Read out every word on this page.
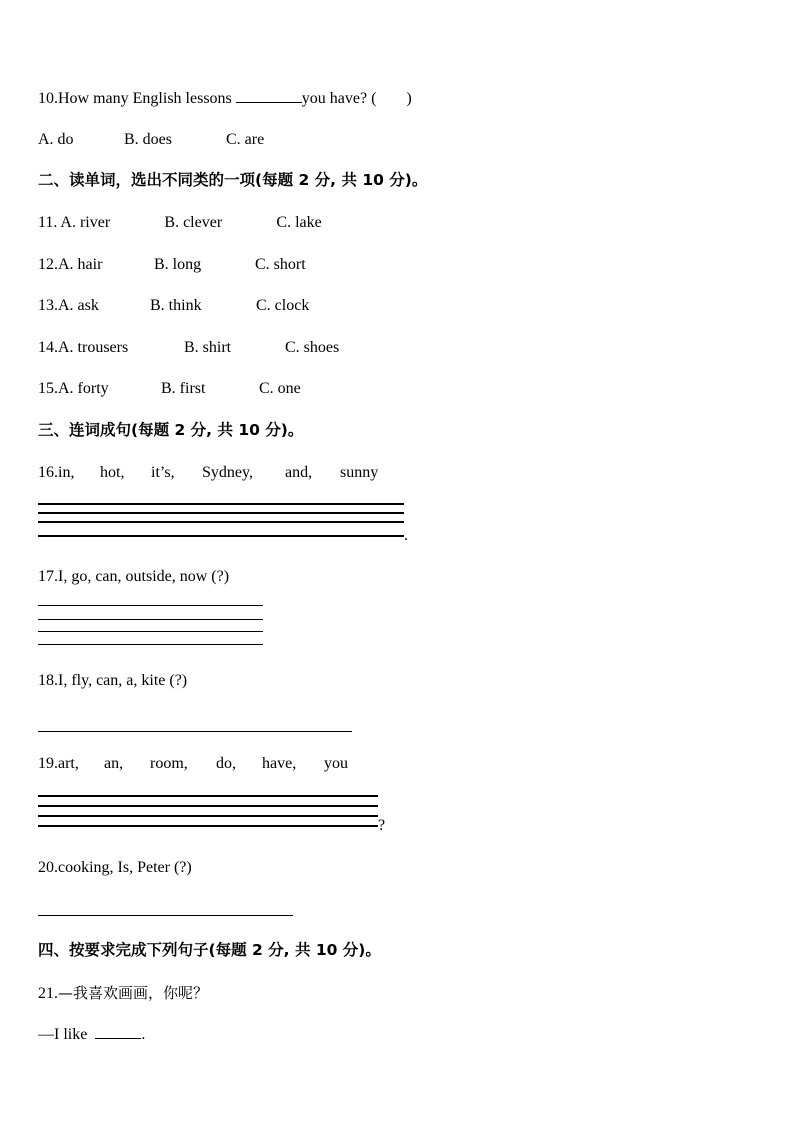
10.How many English lessons	you have? ( )
A. do	B. does	C. are
二、读单词，选出不同类的一项(每题 2 分, 共 10 分)。
11. A. river	B. clever	C. lake
12.A. hair	B. long	C. short
13.A. ask	B. think	C. clock
14.A. trousers	B. shirt	C. shoes
15.A. forty	B. first	C. one
三、连词成句(每题 2 分, 共 10 分)。
16.in, hot, it’s, Sydney, and, sunny
.
17.I, go, can, outside, now (?)
18.I, fly, can, a, kite (?)
19.art, an, room, do, have, you
?
20.cooking, Is, Peter (?)
四、按要求完成下列句子(每题 2 分, 共 10 分)。
21.—我喜欢画画，你呢？
—I like	.
